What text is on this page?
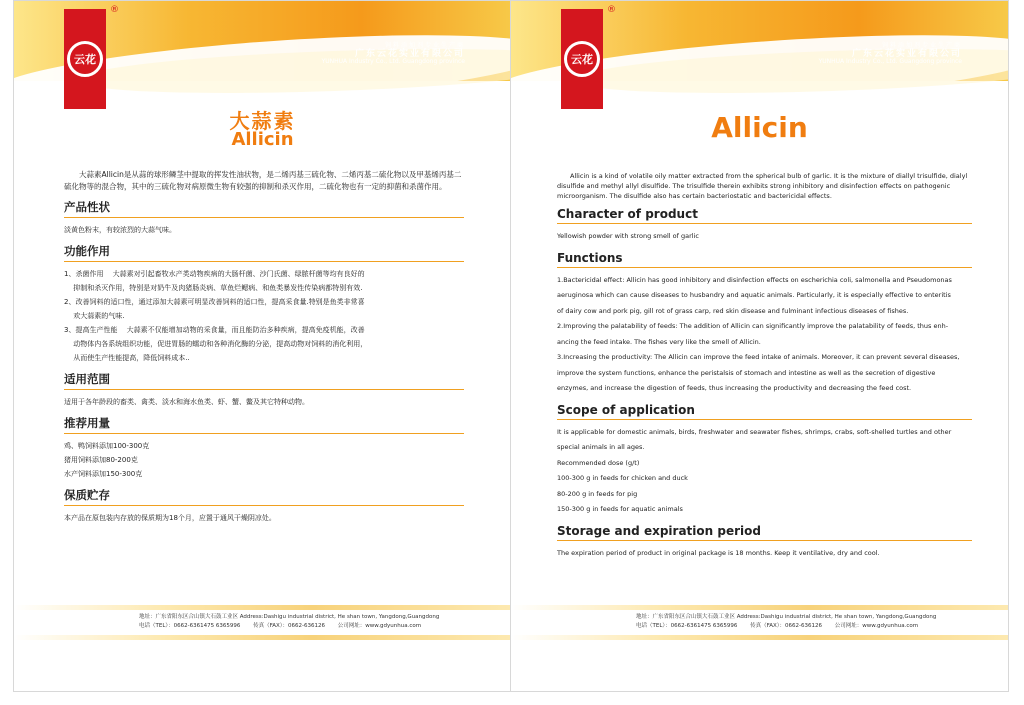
云花
®
饲料添加剂专业生产商
广东云花实业有限公司
YUNHUA Industry Co., Ltd. Guangdong province
大蒜素
Allicin
大蒜素Allicin是从蒜的球形鳞茎中提取的挥发性油状物，是二烯丙基三硫化物、二烯丙基二硫化物以及甲基烯丙基二硫化物等的混合物，其中的三硫化物对病原微生物有较强的抑制和杀灭作用，二硫化物也有一定的抑菌和杀菌作用。
产品性状
淡黄色粉末，有较浓烈的大蒜气味。
功能作用
1、杀菌作用　 大蒜素对引起畜牧水产类动物疾病的大肠杆菌、沙门氏菌、绿脓杆菌等均有良好的
　 抑制和杀灭作用，特别是对奶牛及肉猪肠炎病、草鱼烂鳃病、和鱼类暴发性传染病都特别有效.
2、改善饲料的适口性，通过添加大蒜素可明显改善饲料的适口性，提高采食量.特别是鱼类非常喜
　 欢大蒜素的气味.
3、提高生产性能　 大蒜素不仅能增加动物的采食量，而且能防治多种疾病，提高免疫机能，改善
　 动物体内各系统组织功能，促进胃肠的蠕动和各种消化酶的分泌，提高动物对饲料的消化利用，
　 从而使生产性能提高，降低饲料成本..
适用范围
适用于各年龄段的畜类、禽类、淡水和海水鱼类、虾、蟹、鳖及其它特种动物。
推荐用量
鸡、鸭饲料添加100-300克
猪用饲料添加80-200克
水产饲料添加150-300克
保质贮存
本产品在原包装内存放的保质期为18个月，应置于通风干燥阴凉处。
地址：广东省阳东区合山镇大石鼓工业区 Address:Dashigu industrial district, He shan town, Yangdong,Guangdong
电话（TEL）：0662-6361475 6365996　　 传真（FAX）：0662-636126　　 公司网址：www.gdyunhua.com
云花
®
饲料添加剂专业生产商
广东云花实业有限公司
YUNHUA Industry Co., Ltd. Guangdong province
Allicin
Allicin is a kind of volatile oily matter extracted from the spherical bulb of garlic. It is the mixture of diallyl trisulfide, dialyl disulfide and methyl allyl disulfide. The trisulfide therein exhibits strong inhibitory and disinfection effects on pathogenic microorganism. The disulfide also has certain bacteriostatic and bactericidal effects.
Character of product
Yellowish powder with strong smell of garlic
Functions
1.Bactericidal effect: Allicin has good inhibitory and disinfection effects on escherichia coli, salmonella and Pseudomonas
aeruginosa which can cause diseases to husbandry and aquatic animals. Particularly, it is especially effective to enteritis
of dairy cow and pork pig, gill rot of grass carp, red skin disease and fulminant infectious diseases of fishes.
2.Improving the palatability of feeds: The addition of Allicin can significantly improve the palatability of feeds, thus enh-
ancing the feed intake. The fishes very like the smell of Allicin.
3.Increasing the productivity: The Allicin can improve the feed intake of animals. Moreover, it can prevent several diseases,
improve the system functions, enhance the peristalsis of stomach and intestine as well as the secretion of digestive
enzymes, and increase the digestion of feeds, thus increasing the productivity and decreasing the feed cost.
Scope of application
It is applicable for domestic animals, birds, freshwater and seawater fishes, shrimps, crabs, soft-shelled turtles and other
special animals in all ages.
Recommended dose (g/t)
100-300 g in feeds for chicken and duck
80-200 g in feeds for pig
150-300 g in feeds for aquatic animals
Storage and expiration period
The expiration period of product in original package is 18 months. Keep it ventilative, dry and cool.
地址：广东省阳东区合山镇大石鼓工业区 Address:Dashigu industrial district, He shan town, Yangdong,Guangdong
电话（TEL）：0662-6361475 6365996　　 传真（FAX）：0662-636126　　 公司网址：www.gdyunhua.com
